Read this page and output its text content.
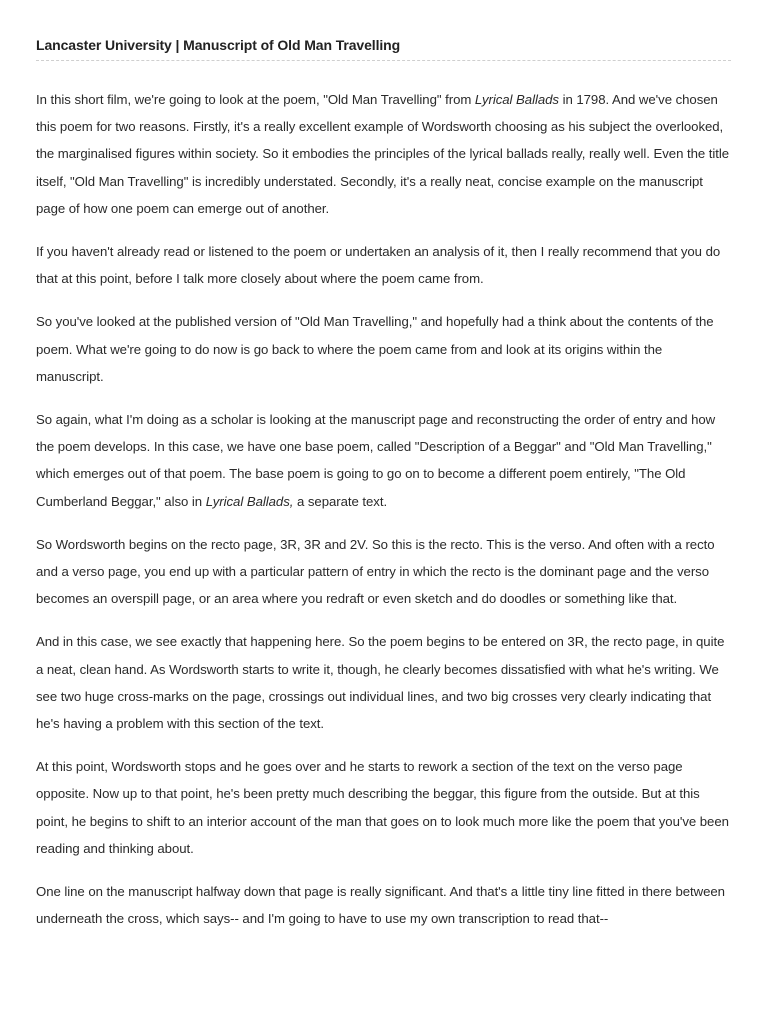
Lancaster University | Manuscript of Old Man Travelling

In this short film, we're going to look at the poem, "Old Man Travelling" from Lyrical Ballads in 1798. And we've chosen this poem for two reasons. Firstly, it's a really excellent example of Wordsworth choosing as his subject the overlooked, the marginalised figures within society. So it embodies the principles of the lyrical ballads really, really well. Even the title itself, "Old Man Travelling" is incredibly understated. Secondly, it's a really neat, concise example on the manuscript page of how one poem can emerge out of another.

If you haven't already read or listened to the poem or undertaken an analysis of it, then I really recommend that you do that at this point, before I talk more closely about where the poem came from.

So you've looked at the published version of "Old Man Travelling," and hopefully had a think about the contents of the poem. What we're going to do now is go back to where the poem came from and look at its origins within the manuscript.

So again, what I'm doing as a scholar is looking at the manuscript page and reconstructing the order of entry and how the poem develops. In this case, we have one base poem, called "Description of a Beggar" and "Old Man Travelling," which emerges out of that poem. The base poem is going to go on to become a different poem entirely, "The Old Cumberland Beggar," also in Lyrical Ballads, a separate text.

So Wordsworth begins on the recto page, 3R, 3R and 2V. So this is the recto. This is the verso. And often with a recto and a verso page, you end up with a particular pattern of entry in which the recto is the dominant page and the verso becomes an overspill page, or an area where you redraft or even sketch and do doodles or something like that.

And in this case, we see exactly that happening here. So the poem begins to be entered on 3R, the recto page, in quite a neat, clean hand. As Wordsworth starts to write it, though, he clearly becomes dissatisfied with what he's writing. We see two huge cross-marks on the page, crossings out individual lines, and two big crosses very clearly indicating that he's having a problem with this section of the text.

At this point, Wordsworth stops and he goes over and he starts to rework a section of the text on the verso page opposite. Now up to that point, he's been pretty much describing the beggar, this figure from the outside. But at this point, he begins to shift to an interior account of the man that goes on to look much more like the poem that you've been reading and thinking about.

One line on the manuscript halfway down that page is really significant. And that's a little tiny line fitted in there between underneath the cross, which says-- and I'm going to have to use my own transcription to read that--
